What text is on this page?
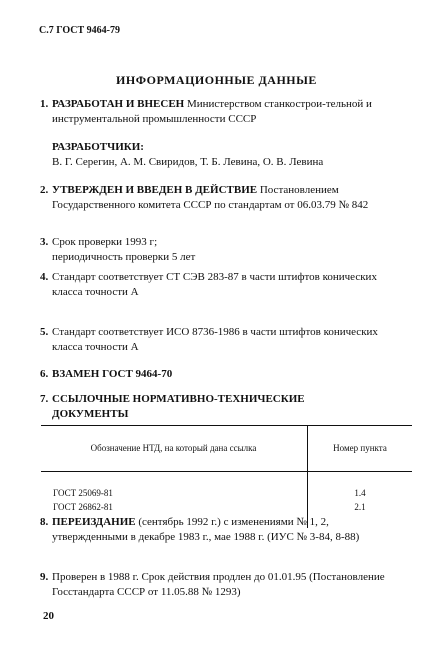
С.7 ГОСТ 9464-79
ИНФОРМАЦИОННЫЕ ДАННЫЕ
1. РАЗРАБОТАН И ВНЕСЕН Министерством станкострои-тельной и инструментальной промышленности СССР
РАЗРАБОТЧИКИ:
В. Г. Серегин, А. М. Свиридов, Т. Б. Левина, О. В. Левина
2. УТВЕРЖДЕН И ВВЕДЕН В ДЕЙСТВИЕ Постановлением Государственного комитета СССР по стандартам от 06.03.79 № 842
3. Срок проверки 1993 г;
периодичность проверки 5 лет
4. Стандарт соответствует СТ СЭВ 283-87 в части штифтов конических класса точности А
5. Стандарт соответствует ИСО 8736-1986 в части штифтов конических класса точности А
6. ВЗАМЕН ГОСТ 9464-70
7. ССЫЛОЧНЫЕ НОРМАТИВНО-ТЕХНИЧЕСКИЕ ДОКУМЕНТЫ
Обозначение НТД, на который дана ссылка	Номер пункта

ГОСТ 25069-81	1.4
ГОСТ 26862-81	2.1

8. ПЕРЕИЗДАНИЕ (сентябрь 1992 г.) с изменениями № 1, 2, утвержденными в декабре 1983 г., мае 1988 г. (ИУС № 3-84, 8-88)
9. Проверен в 1988 г. Срок действия продлен до 01.01.95 (Постановление Госстандарта СССР от 11.05.88 № 1293)
20
